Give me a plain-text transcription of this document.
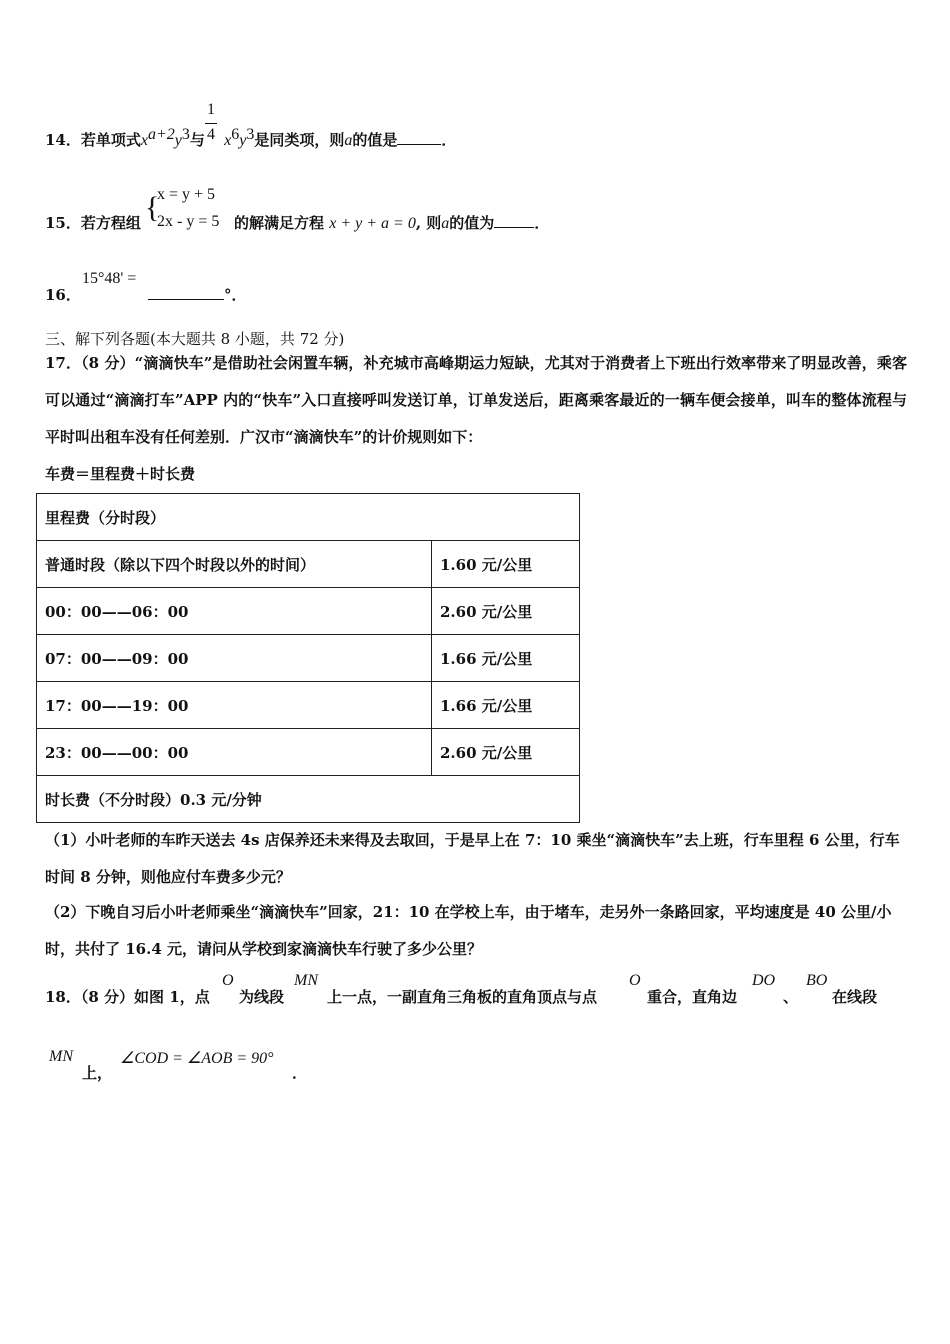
14．若单项式$x^{a+2}y^3$与 $x^6y^3$是同类项，则a的值是	．
1
4
{
x = y + 5
2x - y = 5
15．若方程组	的解满足方程 x + y + a = 0, 则a的值为	．
16．
15°48' =
°．
三、解下列各题(本大题共 8 小题，共 72 分)
17．（8 分）“滴滴快车”是借助社会闲置车辆，补充城市高峰期运力短缺，尤其对于消费者上下班出行效率带来了明显改善，乘客可以通过“滴滴打车”APP 内的“快车”入口直接呼叫发送订单，订单发送后，距离乘客最近的一辆车便会接单，叫车的整体流程与平时叫出租车没有任何差别．广汉市“滴滴快车”的计价规则如下：
车费＝里程费＋时长费
里程费（分时段）	
普通时段（除以下四个时段以外的时间）	1.60 元/公里
00：00——06：00	2.60 元/公里
07：00——09：00	1.66 元/公里
17：00——19：00	1.66 元/公里
23：00——00：00	2.60 元/公里
时长费（不分时段）0.3 元/分钟	
（1）小叶老师的车昨天送去 4s 店保养还未来得及去取回，于是早上在 7：10 乘坐“滴滴快车”去上班，行车里程 6 公里，行车时间 8 分钟，则他应付车费多少元？
（2）下晚自习后小叶老师乘坐“滴滴快车”回家，21：10 在学校上车，由于堵车，走另外一条路回家，平均速度是 40 公里/小时，共付了 16.4 元，请问从学校到家滴滴快车行驶了多少公里？
18．（8 分）如图 1，点
O
为线段
MN
上一点，一副直角三角板的直角顶点与点
O
重合，直角边
DO
、
BO
在线段
MN
上，
∠COD = ∠AOB = 90°
．
